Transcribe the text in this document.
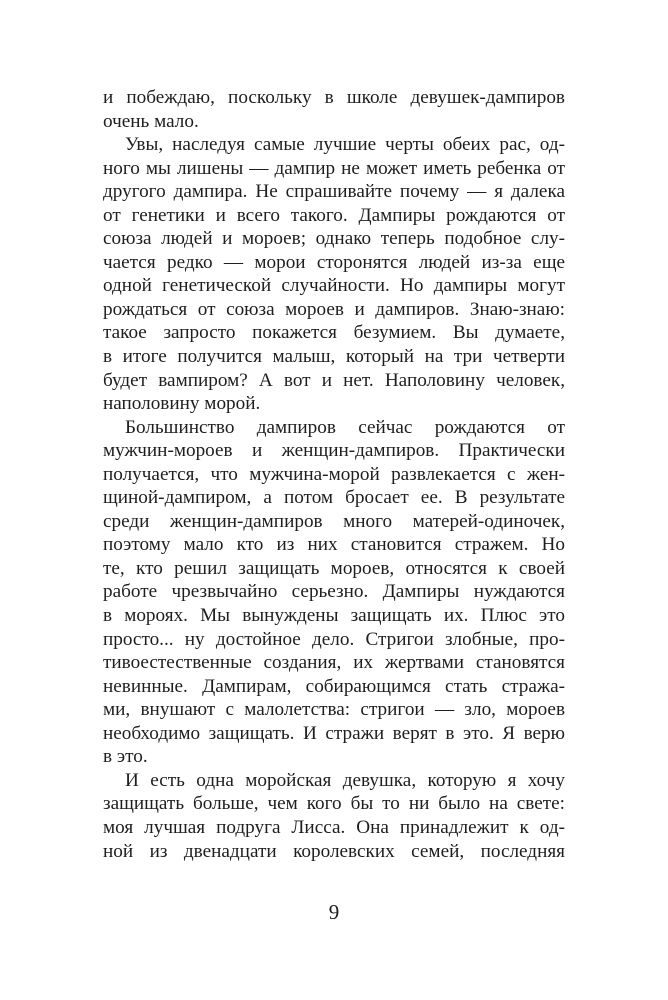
и побеждаю, поскольку в школе девушек-дампиров
очень мало.
Увы, наследуя самые лучшие черты обеих рас, од-
ного мы лишены — дампир не может иметь ребенка от
другого дампира. Не спрашивайте почему — я далека
от генетики и всего такого. Дампиры рождаются от
союза людей и мороев; однако теперь подобное слу-
чается редко — морои сторонятся людей из-за еще
одной генетической случайности. Но дампиры могут
рождаться от союза мороев и дампиров. Знаю-знаю:
такое запросто покажется безумием. Вы думаете,
в итоге получится малыш, который на три четверти
будет вампиром? А вот и нет. Наполовину человек,
наполовину морой.
Большинство дампиров сейчас рождаются от
мужчин-мороев и женщин-дампиров. Практически
получается, что мужчина-морой развлекается с жен-
щиной-дампиром, а потом бросает ее. В результате
среди женщин-дампиров много матерей-одиночек,
поэтому мало кто из них становится стражем. Но
те, кто решил защищать мороев, относятся к своей
работе чрезвычайно серьезно. Дампиры нуждаются
в мороях. Мы вынуждены защищать их. Плюс это
просто... ну достойное дело. Стригои злобные, про-
тивоестественные создания, их жертвами становятся
невинные. Дампирам, собирающимся стать стража-
ми, внушают с малолетства: стригои — зло, мороев
необходимо защищать. И стражи верят в это. Я верю
в это.
И есть одна моройская девушка, которую я хочу
защищать больше, чем кого бы то ни было на свете:
моя лучшая подруга Лисса. Она принадлежит к од-
ной из двенадцати королевских семей, последняя
9
